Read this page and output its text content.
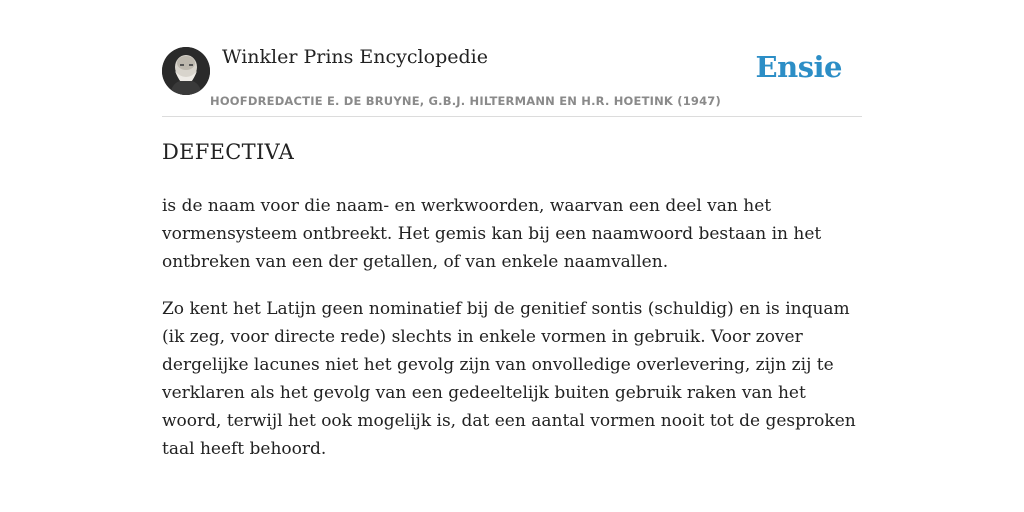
Winkler Prins Encyclopedie
HOOFDREDACTIE E. DE BRUYNE, G.B.J. HILTERMANN EN H.R. HOETINK (1947)
Ensie
DEFECTIVA

is de naam voor die naam- en werkwoorden, waarvan een deel van het vormensysteem ontbreekt. Het gemis kan bij een naamwoord bestaan in het ontbreken van een der getallen, of van enkele naamvallen.

Zo kent het Latijn geen nominatief bij de genitief sontis (schuldig) en is inquam (ik zeg, voor directe rede) slechts in enkele vormen in gebruik. Voor zover dergelijke lacunes niet het gevolg zijn van onvolledige overlevering, zijn zij te verklaren als het gevolg van een gedeeltelijk buiten gebruik raken van het woord, terwijl het ook mogelijk is, dat een aantal vormen nooit tot de gesproken taal heeft behoord.
